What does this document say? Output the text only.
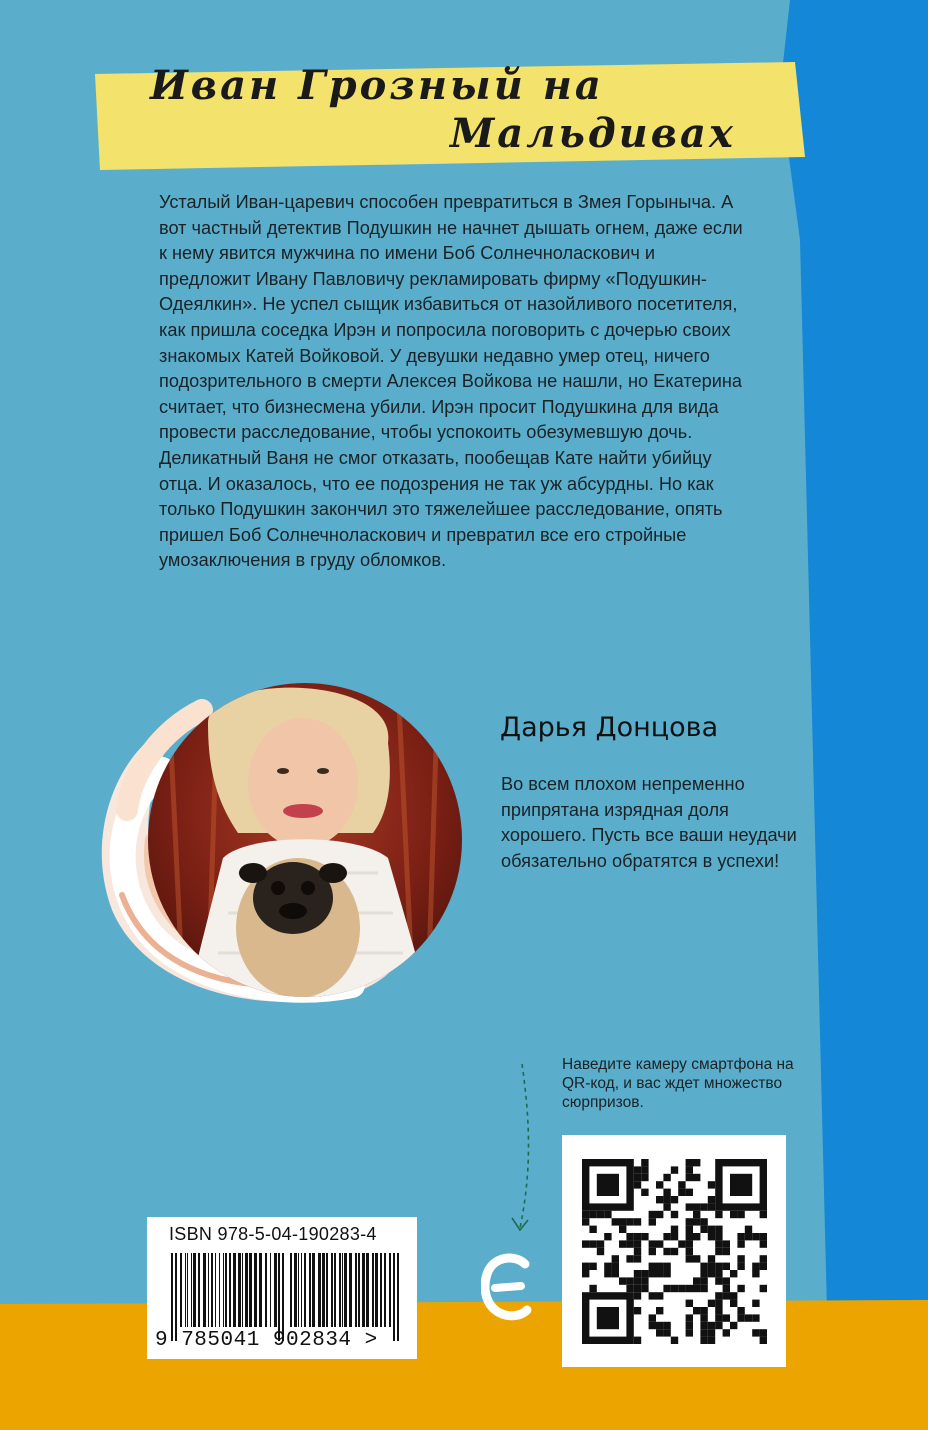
Иван Грозный на
Мальдивах

Усталый Иван-царевич способен превратиться в Змея Горыныча. А вот частный детектив Подушкин не начнет дышать огнем, даже если к нему явится мужчина по имени Боб Солнечноласкович и предложит Ивану Павловичу рекламировать фирму «Подушкин-Одеялкин». Не успел сыщик избавиться от назойливого посетителя, как пришла соседка Ирэн и попросила поговорить с дочерью своих знакомых Катей Войковой. У девушки недавно умер отец, ничего подозрительного в смерти Алексея Войкова не нашли, но Екатерина считает, что бизнесмена убили. Ирэн просит Подушкина для вида провести расследование, чтобы успокоить обезумевшую дочь. Деликатный Ваня не смог отказать, пообещав Кате найти убийцу отца. И оказалось, что ее подозрения не так уж абсурдны. Но как только Подушкин закончил это тяжелейшее расследование, опять пришел Боб Солнечноласкович и превратил все его стройные умозаключения в груду обломков.

Дарья Донцова

Во всем плохом непременно припрятана изрядная доля хорошего. Пусть все ваши неудачи обязательно обратятся в успехи!

Наведите камеру смартфона на QR-код, и вас ждет множество сюрпризов.

ISBN 978-5-04-190283-4
9 785041 902834 >
